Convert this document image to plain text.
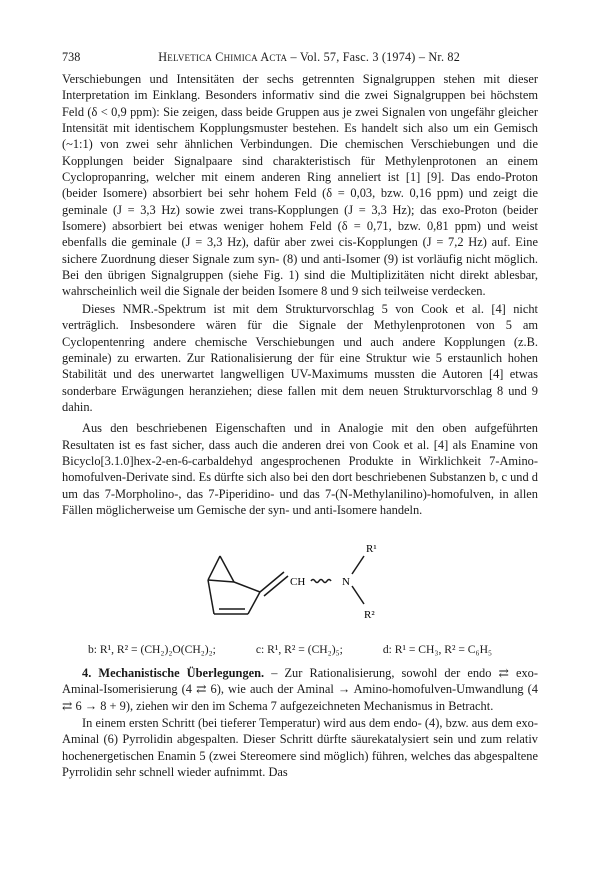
738	Helvetica Chimica Acta – Vol. 57, Fasc. 3 (1974) – Nr. 82

Verschiebungen und Intensitäten der sechs getrennten Signalgruppen stehen mit dieser Interpretation im Einklang. Besonders informativ sind die zwei Signalgruppen bei höchstem Feld (δ < 0,9 ppm): Sie zeigen, dass beide Gruppen aus je zwei Signalen von ungefähr gleicher Intensität mit identischem Kopplungsmuster bestehen. Es handelt sich also um ein Gemisch (~1:1) von zwei sehr ähnlichen Verbindungen. Die chemischen Verschiebungen und die Kopplungen beider Signalpaare sind charakteristisch für Methylenprotonen an einem Cyclopropanring, welcher mit einem anderen Ring anneliert ist [1] [9]. Das endo-Proton (beider Isomere) absorbiert bei sehr hohem Feld (δ = 0,03, bzw. 0,16 ppm) und zeigt die geminale (J = 3,3 Hz) sowie zwei trans-Kopplungen (J = 3,3 Hz); das exo-Proton (beider Isomere) absorbiert bei etwas weniger hohem Feld (δ = 0,71, bzw. 0,81 ppm) und weist ebenfalls die geminale (J = 3,3 Hz), dafür aber zwei cis-Kopplungen (J = 7,2 Hz) auf. Eine sichere Zuordnung dieser Signale zum syn- (8) und anti-Isomer (9) ist vorläufig nicht möglich. Bei den übrigen Signalgruppen (siehe Fig. 1) sind die Multiplizitäten nicht direkt ablesbar, wahrscheinlich weil die Signale der beiden Isomere 8 und 9 sich teilweise verdecken.

Dieses NMR.-Spektrum ist mit dem Strukturvorschlag 5 von Cook et al. [4] nicht verträglich. Insbesondere wären für die Signale der Methylenprotonen von 5 am Cyclopentenring andere chemische Verschiebungen und auch andere Kopplungen (z.B. geminale) zu erwarten. Zur Rationalisierung der für eine Struktur wie 5 erstaunlich hohen Stabilität und des unerwartet langwelligen UV-Maximums mussten die Autoren [4] etwas sonderbare Erwägungen heranziehen; diese fallen mit dem neuen Strukturvorschlag 8 und 9 dahin.

Aus den beschriebenen Eigenschaften und in Analogie mit den oben aufgeführten Resultaten ist es fast sicher, dass auch die anderen drei von Cook et al. [4] als Enamine von Bicyclo[3.1.0]hex-2-en-6-carbaldehyd angesprochenen Produkte in Wirklichkeit 7-Amino-homofulven-Derivate sind. Es dürfte sich also bei den dort beschriebenen Substanzen b, c und d um das 7-Morpholino-, das 7-Piperidino- und das 7-(N-Methylanilino)-homofulven, in allen Fällen möglicherweise um Gemische der syn- und anti-Isomere handeln.

CH	N
R¹
R²
b: R¹, R² = (CH₂)₂O(CH₂)₂;	c: R¹, R² = (CH₂)₅;	d: R¹ = CH₃, R² = C₆H₅

4. Mechanistische Überlegungen. – Zur Rationalisierung, sowohl der endo ⇄ exo-Aminal-Isomerisierung (4 ⇄ 6), wie auch der Aminal → Amino-homofulven-Umwandlung (4 ⇄ 6 → 8 + 9), ziehen wir den im Schema 7 aufgezeichneten Mechanismus in Betracht.

In einem ersten Schritt (bei tieferer Temperatur) wird aus dem endo- (4), bzw. aus dem exo-Aminal (6) Pyrrolidin abgespalten. Dieser Schritt dürfte säurekatalysiert sein und zum relativ hochenergetischen Enamin 5 (zwei Stereomere sind möglich) führen, welches das abgespaltene Pyrrolidin sehr schnell wieder aufnimmt. Das
